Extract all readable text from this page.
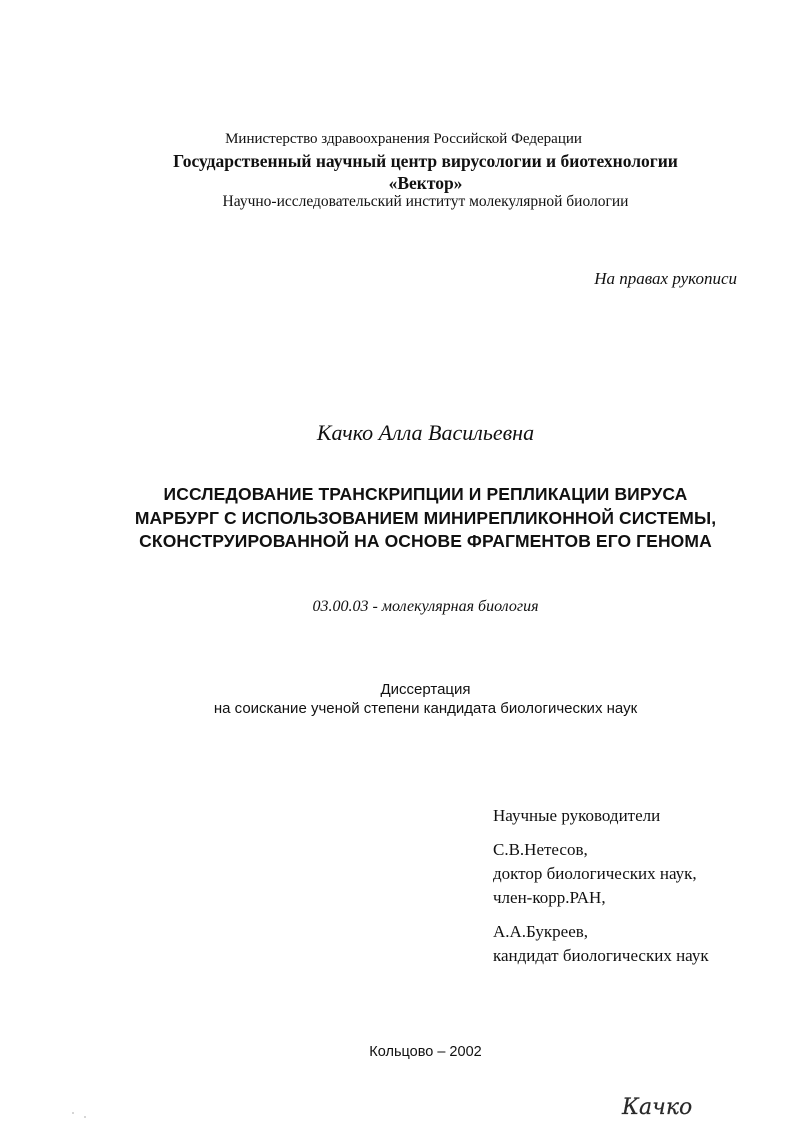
Министерство здравоохранения Российской Федерации
Государственный научный центр вирусологии и биотехнологии
«Вектор»
Научно-исследовательский институт молекулярной биологии
На правах рукописи
Качко Алла Васильевна
ИССЛЕДОВАНИЕ ТРАНСКРИПЦИИ И РЕПЛИКАЦИИ ВИРУСА
МАРБУРГ С ИСПОЛЬЗОВАНИЕМ МИНИРЕПЛИКОННОЙ СИСТЕМЫ,
СКОНСТРУИРОВАННОЙ НА ОСНОВЕ ФРАГМЕНТОВ ЕГО ГЕНОМА
03.00.03 - молекулярная биология
Диссертация
на соискание ученой степени кандидата биологических наук
Научные руководители
С.В.Нетесов,
доктор биологических наук,
член-корр.РАН,
А.А.Букреев,
кандидат биологических наук
Кольцово – 2002
Качко
